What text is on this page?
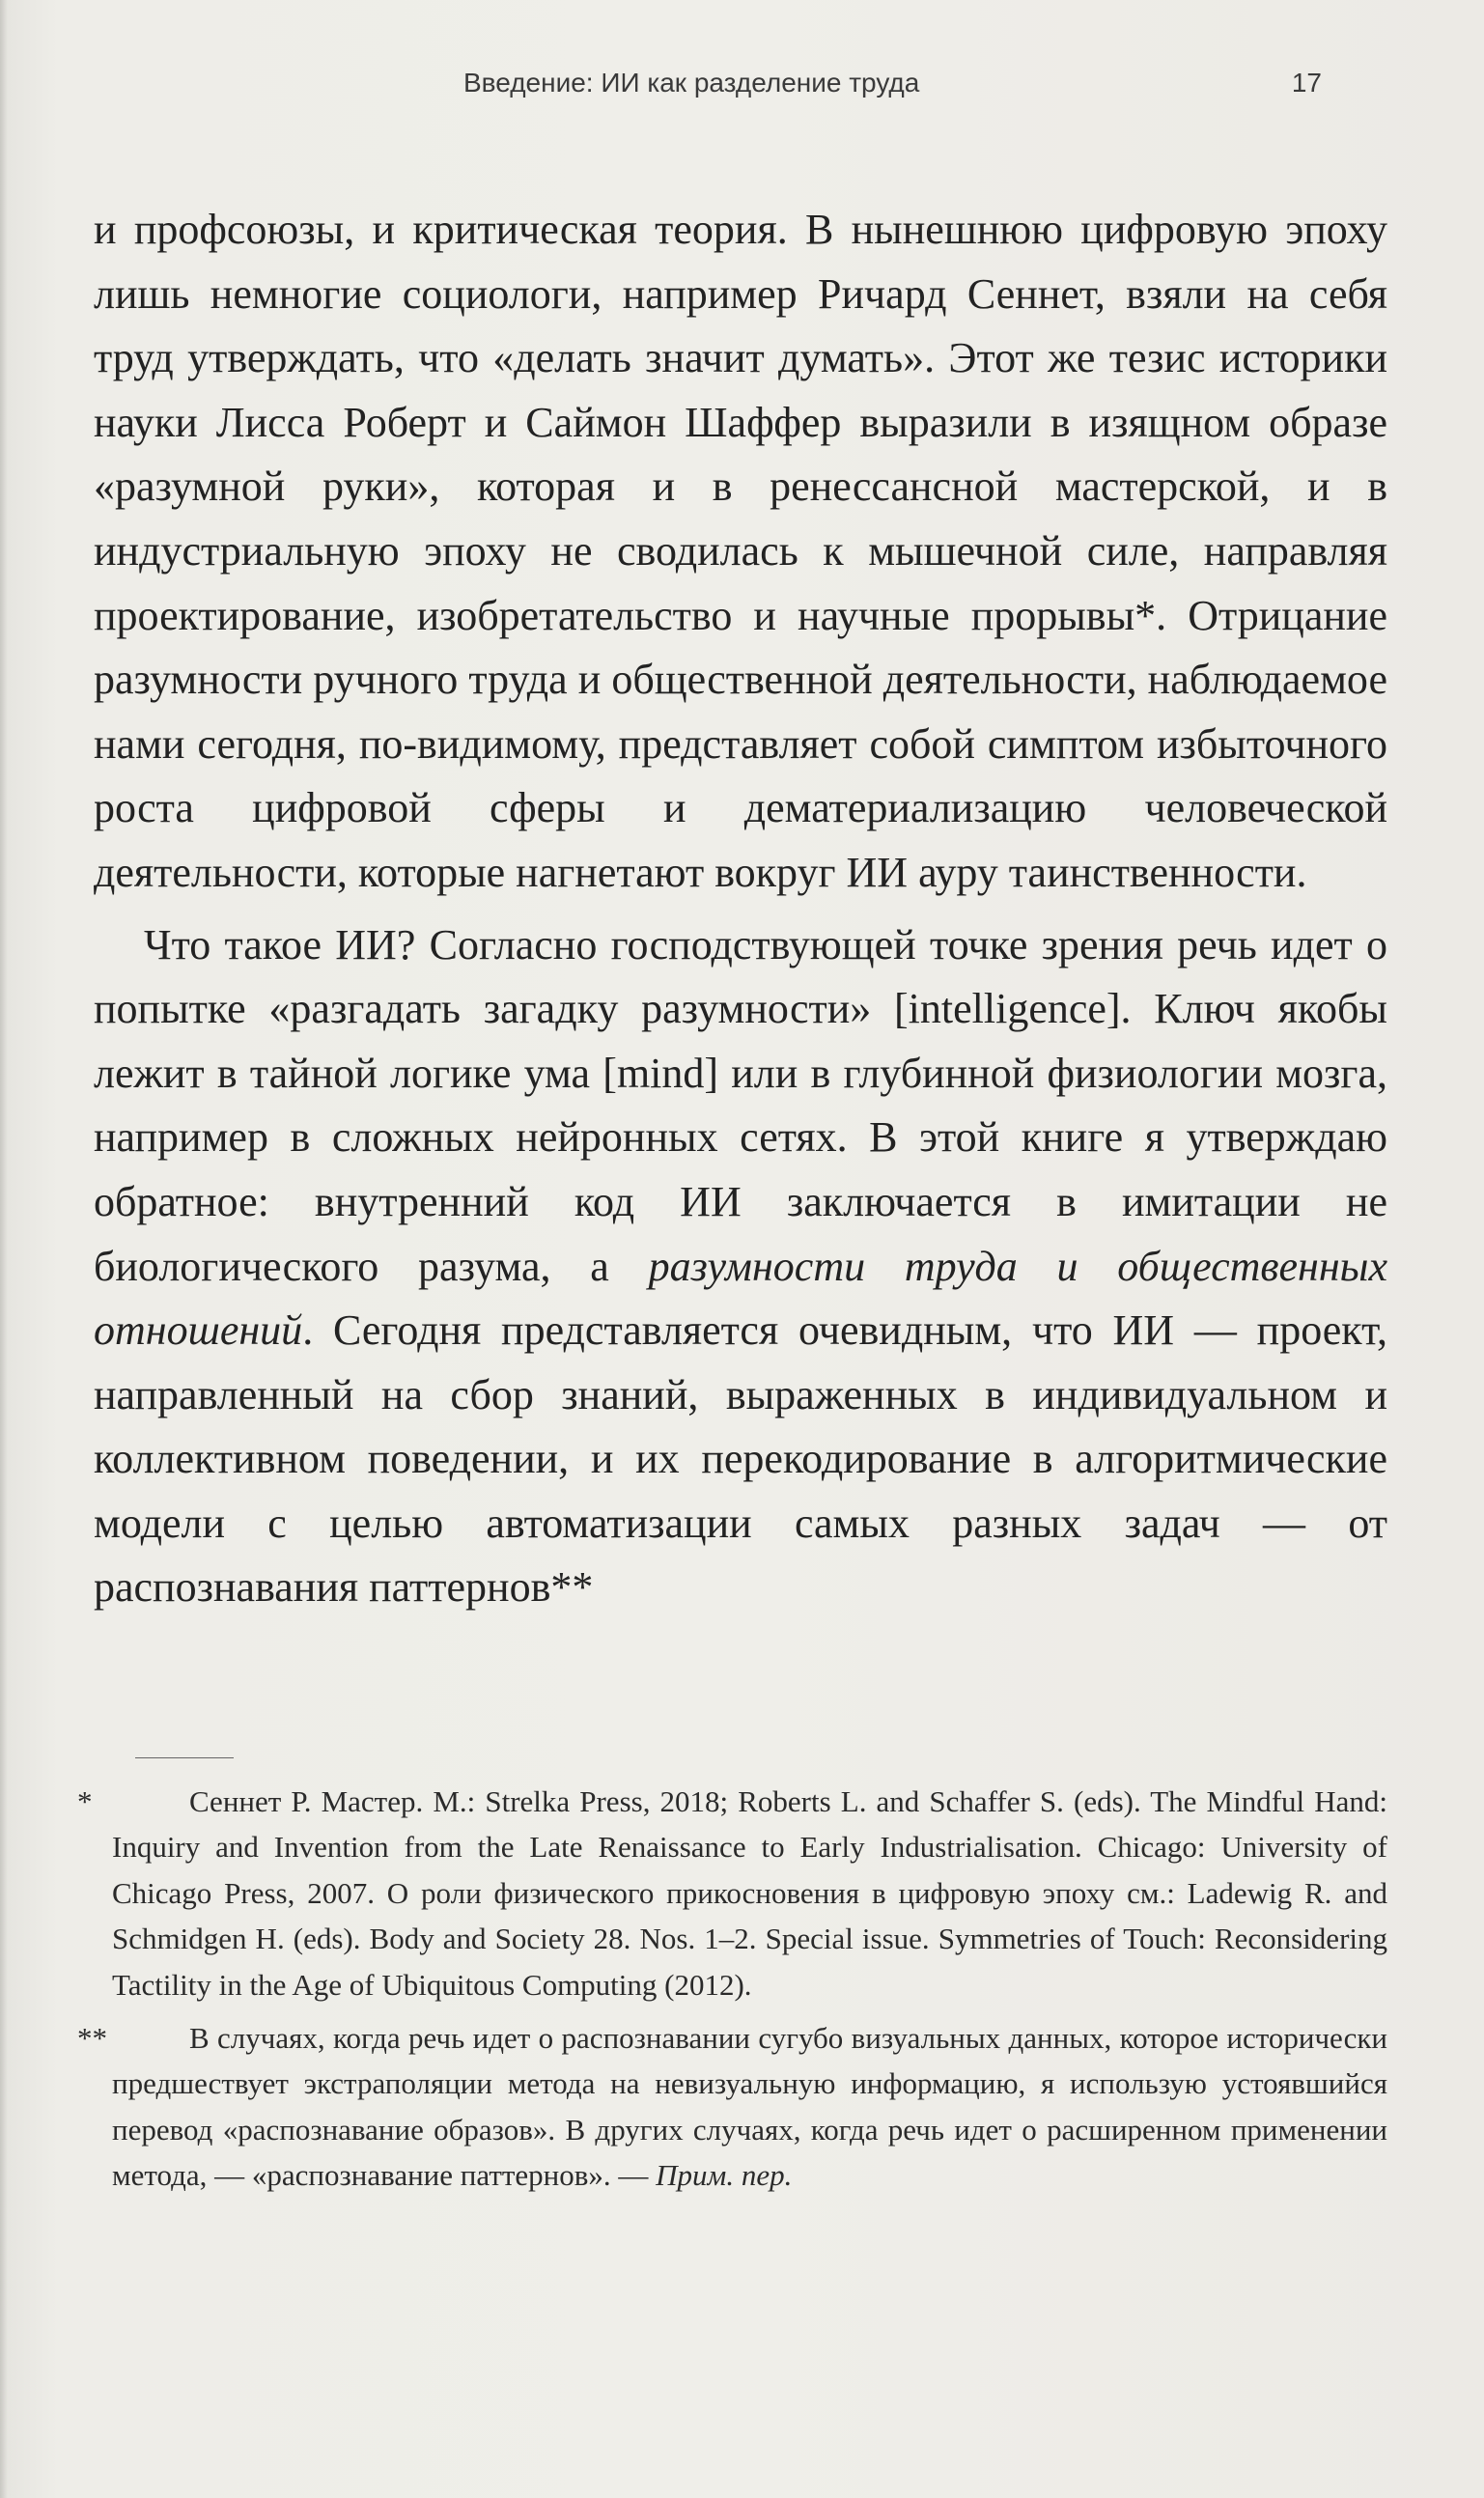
Введение: ИИ как разделение труда	17

и профсоюзы, и критическая теория. В нынешнюю цифровую эпоху лишь немногие социологи, например Ричард Сеннет, взяли на себя труд утверждать, что «делать значит думать». Этот же тезис историки науки Лисса Роберт и Саймон Шаффер выразили в изящном образе «разумной руки», которая и в ренессансной мастерской, и в индустриальную эпоху не сводилась к мышечной силе, направляя проектирование, изобретательство и научные прорывы*. Отрицание разумности ручного труда и общественной деятельности, наблюдаемое нами сегодня, по-видимому, представляет собой симптом избыточного роста цифровой сферы и дематериализацию человеческой деятельности, которые нагнетают вокруг ИИ ауру таинственности.

Что такое ИИ? Согласно господствующей точке зрения речь идет о попытке «разгадать загадку разумности» [intelligence]. Ключ якобы лежит в тайной логике ума [mind] или в глубинной физиологии мозга, например в сложных нейронных сетях. В этой книге я утверждаю обратное: внутренний код ИИ заключается в имитации не биологического разума, а разумности труда и общественных отношений. Сегодня представляется очевидным, что ИИ — проект, направленный на сбор знаний, выраженных в индивидуальном и коллективном поведении, и их перекодирование в алгоритмические модели с целью автоматизации самых разных задач — от распознавания паттернов**

*	Сеннет Р. Мастер. М.: Strelka Press, 2018; Roberts L. and Schaffer S. (eds). The Mindful Hand: Inquiry and Invention from the Late Renaissance to Early Industrialisation. Chicago: University of Chicago Press, 2007. О роли физического прикосновения в цифровую эпоху см.: Ladewig R. and Schmidgen H. (eds). Body and Society 28. Nos. 1–2. Special issue. Symmetries of Touch: Reconsidering Tactility in the Age of Ubiquitous Computing (2012).
**	В случаях, когда речь идет о распознавании сугубо визуальных данных, которое исторически предшествует экстраполяции метода на невизуальную информацию, я использую устоявшийся перевод «распознавание образов». В других случаях, когда речь идет о расширенном применении метода, — «распознавание паттернов». — Прим. пер.
